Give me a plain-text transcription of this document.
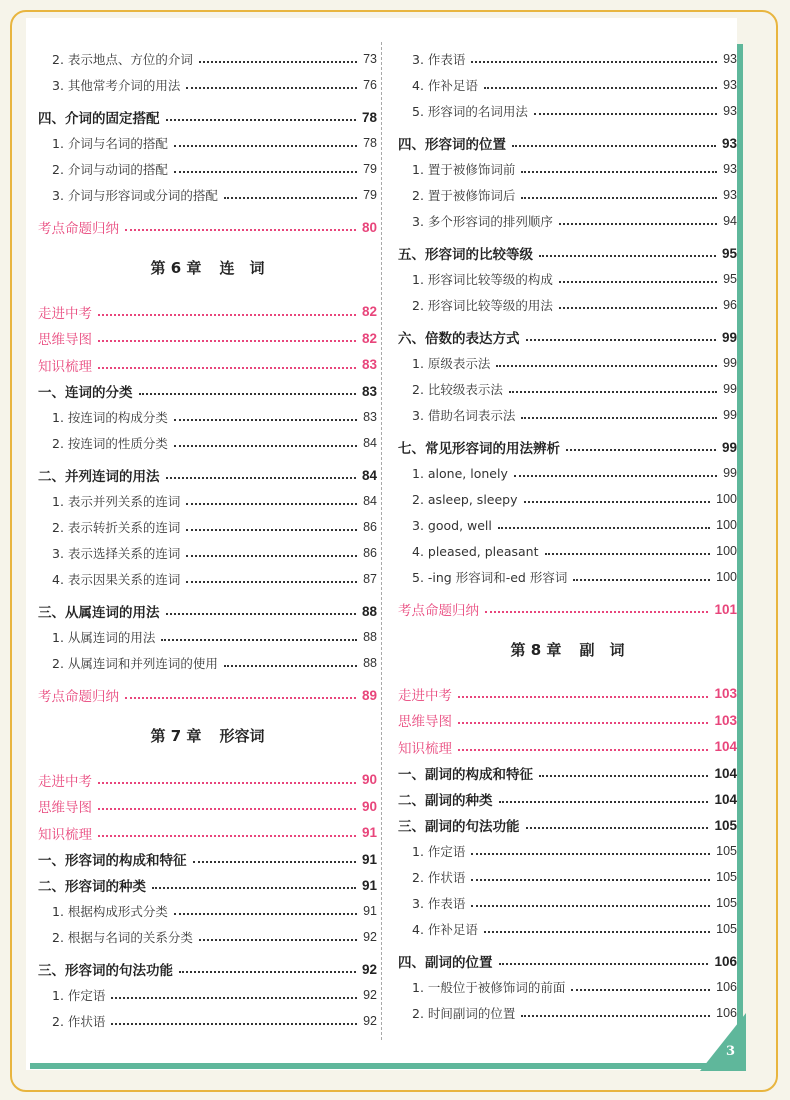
3
2. 表示地点、方位的介词	73
3. 其他常考介词的用法	76
四、介词的固定搭配	78
1. 介词与名词的搭配	78
2. 介词与动词的搭配	79
3. 介词与形容词或分词的搭配	79
考点命题归纳	80
第 6 章 连　词
走进中考	82
思维导图	82
知识梳理	83
一、连词的分类	83
1. 按连词的构成分类	83
2. 按连词的性质分类	84
二、并列连词的用法	84
1. 表示并列关系的连词	84
2. 表示转折关系的连词	86
3. 表示选择关系的连词	86
4. 表示因果关系的连词	87
三、从属连词的用法	88
1. 从属连词的用法	88
2. 从属连词和并列连词的使用	88
考点命题归纳	89
第 7 章 形容词
走进中考	90
思维导图	90
知识梳理	91
一、形容词的构成和特征	91
二、形容词的种类	91
1. 根据构成形式分类	91
2. 根据与名词的关系分类	92
三、形容词的句法功能	92
1. 作定语	92
2. 作状语	92
3. 作表语	93
4. 作补足语	93
5. 形容词的名词用法	93
四、形容词的位置	93
1. 置于被修饰词前	93
2. 置于被修饰词后	93
3. 多个形容词的排列顺序	94
五、形容词的比较等级	95
1. 形容词比较等级的构成	95
2. 形容词比较等级的用法	96
六、倍数的表达方式	99
1. 原级表示法	99
2. 比较级表示法	99
3. 借助名词表示法	99
七、常见形容词的用法辨析	99
1. alone, lonely	99
2. asleep, sleepy	100
3. good, well	100
4. pleased, pleasant	100
5. -ing 形容词和-ed 形容词	100
考点命题归纳	101
第 8 章 副　词
走进中考	103
思维导图	103
知识梳理	104
一、副词的构成和特征	104
二、副词的种类	104
三、副词的句法功能	105
1. 作定语	105
2. 作状语	105
3. 作表语	105
4. 作补足语	105
四、副词的位置	106
1. 一般位于被修饰词的前面	106
2. 时间副词的位置	106
